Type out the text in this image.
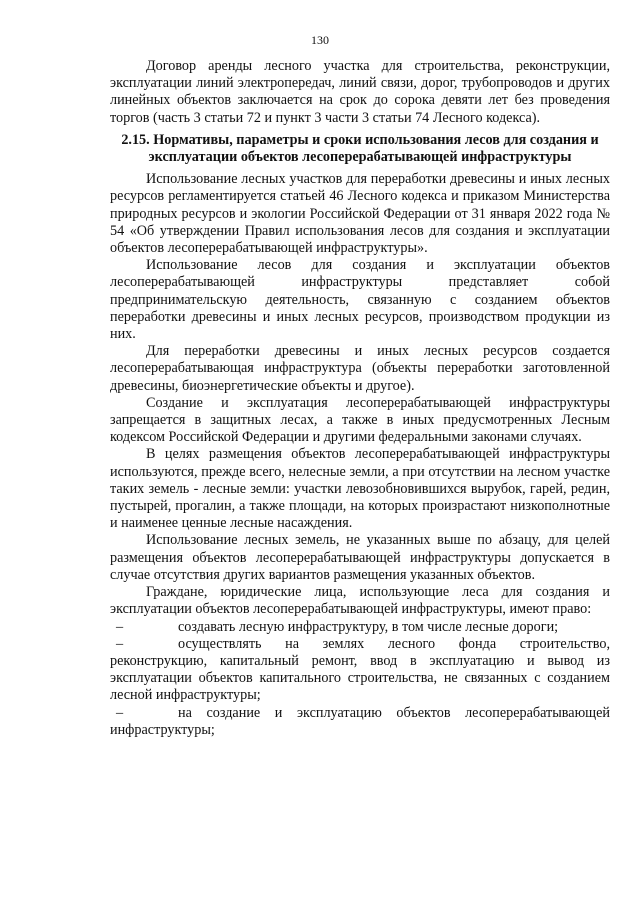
130

Договор аренды лесного участка для строительства, реконструкции, эксплуатации линий электропередач, линий связи, дорог, трубопроводов и других линейных объектов заключается на срок до сорока девяти лет без проведения торгов (часть 3 статьи 72 и пункт 3 части 3 статьи 74 Лесного кодекса).

2.15. Нормативы, параметры и сроки использования лесов для создания и эксплуатации объектов лесоперерабатывающей инфраструктуры

Использование лесных участков для переработки древесины и иных лесных ресурсов регламентируется статьей 46 Лесного кодекса и приказом Министерства природных ресурсов и экологии Российской Федерации от 31 января 2022 года № 54 «Об утверждении Правил использования лесов для создания и эксплуатации объектов лесоперерабатывающей инфраструктуры».

Использование лесов для создания и эксплуатации объектов лесоперерабатывающей инфраструктуры представляет собой предпринимательскую деятельность, связанную с созданием объектов переработки древесины и иных лесных ресурсов, производством продукции из них.

Для переработки древесины и иных лесных ресурсов создается лесоперерабатывающая инфраструктура (объекты переработки заготовленной древесины, биоэнергетические объекты и другое).

Создание и эксплуатация лесоперерабатывающей инфраструктуры запрещается в защитных лесах, а также в иных предусмотренных Лесным кодексом Российской Федерации и другими федеральными законами случаях.

В целях размещения объектов лесоперерабатывающей инфраструктуры используются, прежде всего, нелесные земли, а при отсутствии на лесном участке таких земель - лесные земли: участки левозобновившихся вырубок, гарей, редин, пустырей, прогалин, а также площади, на которых произрастают низкополнотные и наименее ценные лесные насаждения.

Использование лесных земель, не указанных выше по абзацу, для целей размещения объектов лесоперерабатывающей инфраструктуры допускается в случае отсутствия других вариантов размещения указанных объектов.

Граждане, юридические лица, использующие леса для создания и эксплуатации объектов лесоперерабатывающей инфраструктуры, имеют право:

–	создавать лесную инфраструктуру, в том числе лесные дороги;

–	осуществлять на землях лесного фонда строительство, реконструкцию, капитальный ремонт, ввод в эксплуатацию и вывод из эксплуатации объектов капитального строительства, не связанных с созданием лесной инфраструктуры;

–	на создание и эксплуатацию объектов лесоперерабатывающей инфраструктуры;
